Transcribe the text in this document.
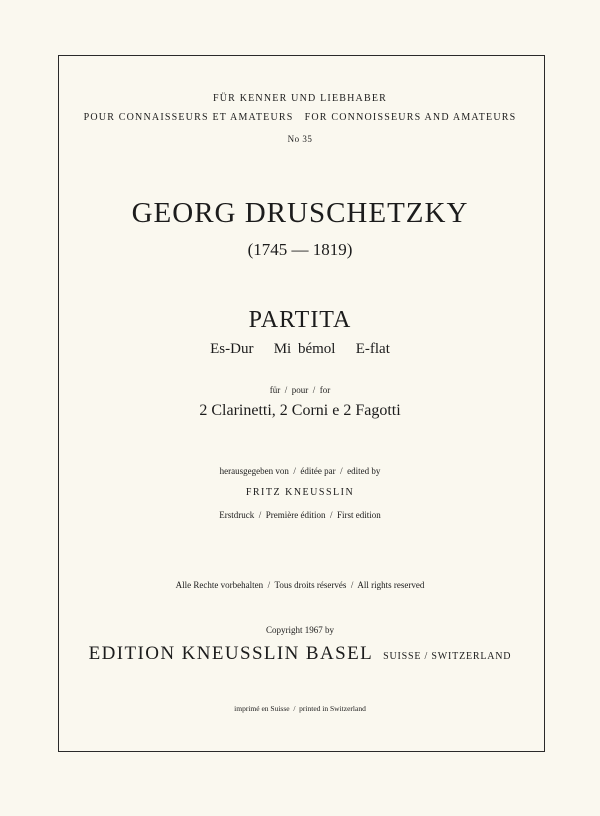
FÜR KENNER UND LIEBHABER
POUR CONNAISSEURS ET AMATEURS   FOR CONNOISSEURS AND AMATEURS
No 35
GEORG DRUSCHETZKY
(1745 — 1819)
PARTITA
Es-Dur   Mi bémol   E-flat
für  /  pour  /  for
2 Clarinetti, 2 Corni e 2 Fagotti
herausgegeben von  /  éditée par  /  edited by
FRITZ KNEUSSLIN
Erstdruck  /  Première édition  /  First edition
Alle Rechte vorbehalten  /  Tous droits réservés  /  All rights reserved
Copyright 1967 by
EDITION KNEUSSLIN BASEL SUISSE / SWITZERLAND
imprimé en Suisse  /  printed in Switzerland
